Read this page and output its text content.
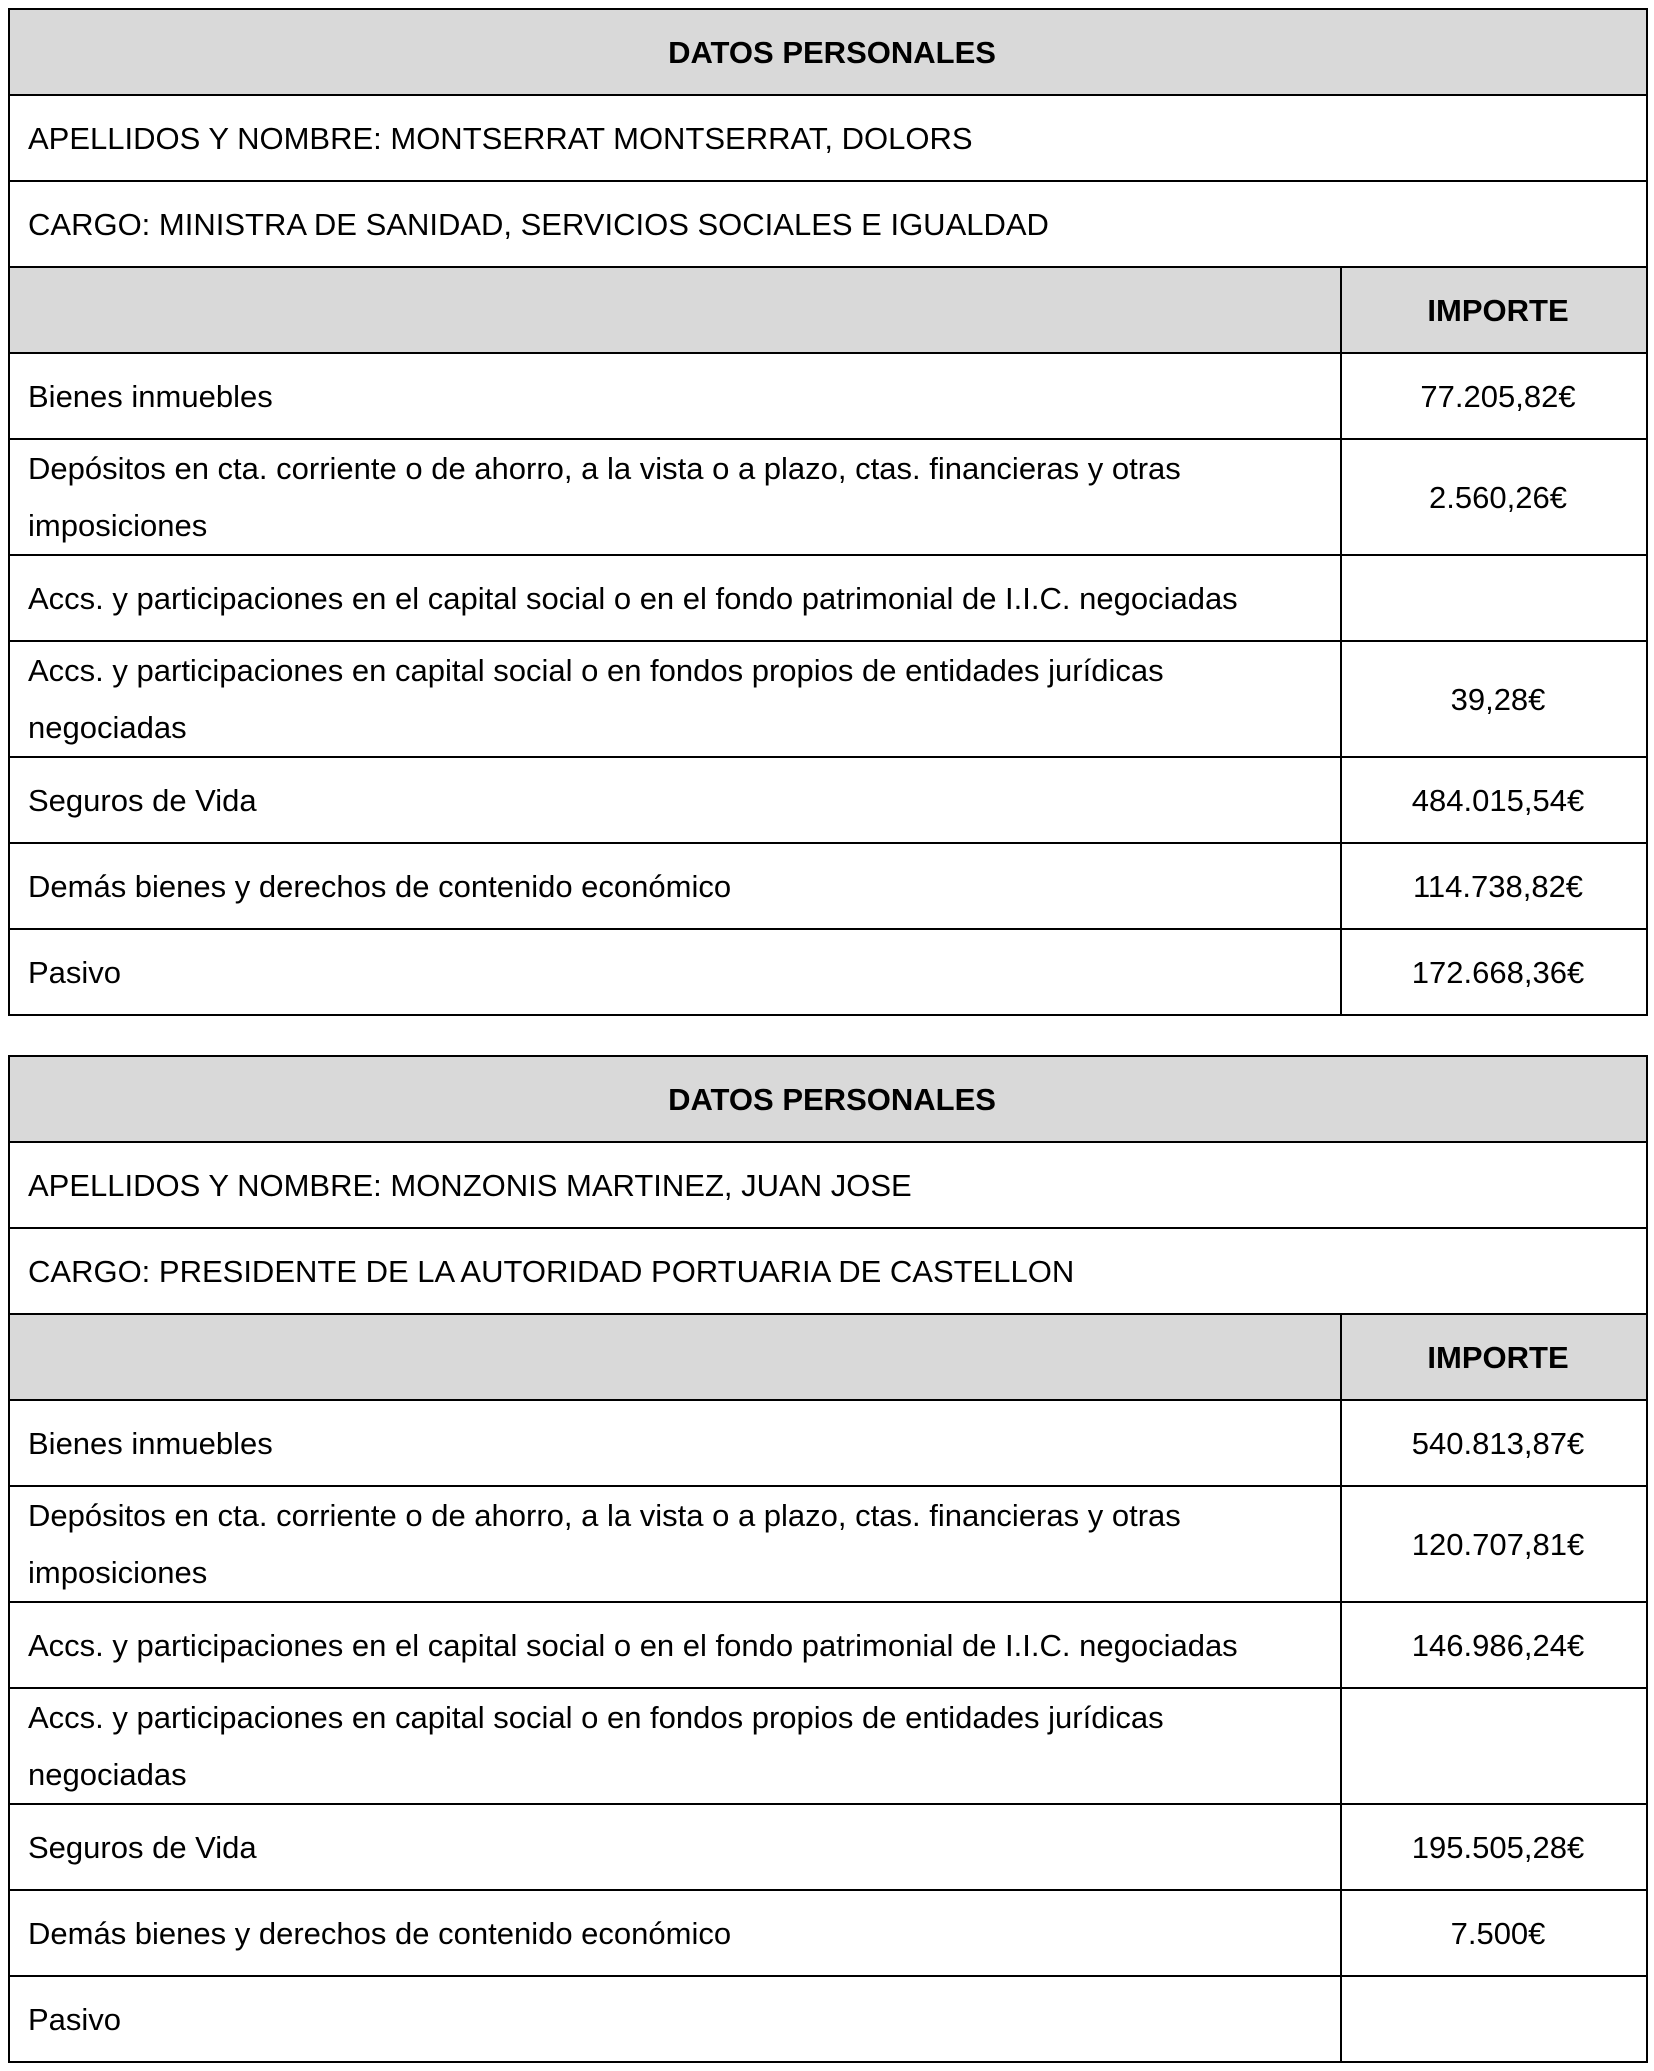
DATOS PERSONALES	
APELLIDOS Y NOMBRE: MONTSERRAT MONTSERRAT, DOLORS	
CARGO: MINISTRA DE SANIDAD, SERVICIOS SOCIALES E IGUALDAD	
	IMPORTE
Bienes inmuebles	77.205,82€
Depósitos en cta. corriente o de ahorro, a la vista o a plazo, ctas. financieras y otras imposiciones	2.560,26€
Accs. y participaciones en el capital social o en el fondo patrimonial de I.I.C. negociadas	
Accs. y participaciones en capital social o en fondos propios de entidades jurídicas negociadas	39,28€
Seguros de Vida	484.015,54€
Demás bienes y derechos de contenido económico	114.738,82€
Pasivo	172.668,36€
DATOS PERSONALES	
APELLIDOS Y NOMBRE: MONZONIS MARTINEZ, JUAN JOSE	
CARGO: PRESIDENTE DE LA AUTORIDAD PORTUARIA DE CASTELLON	
	IMPORTE
Bienes inmuebles	540.813,87€
Depósitos en cta. corriente o de ahorro, a la vista o a plazo, ctas. financieras y otras imposiciones	120.707,81€
Accs. y participaciones en el capital social o en el fondo patrimonial de I.I.C. negociadas	146.986,24€
Accs. y participaciones en capital social o en fondos propios de entidades jurídicas negociadas	
Seguros de Vida	195.505,28€
Demás bienes y derechos de contenido económico	7.500€
Pasivo	
